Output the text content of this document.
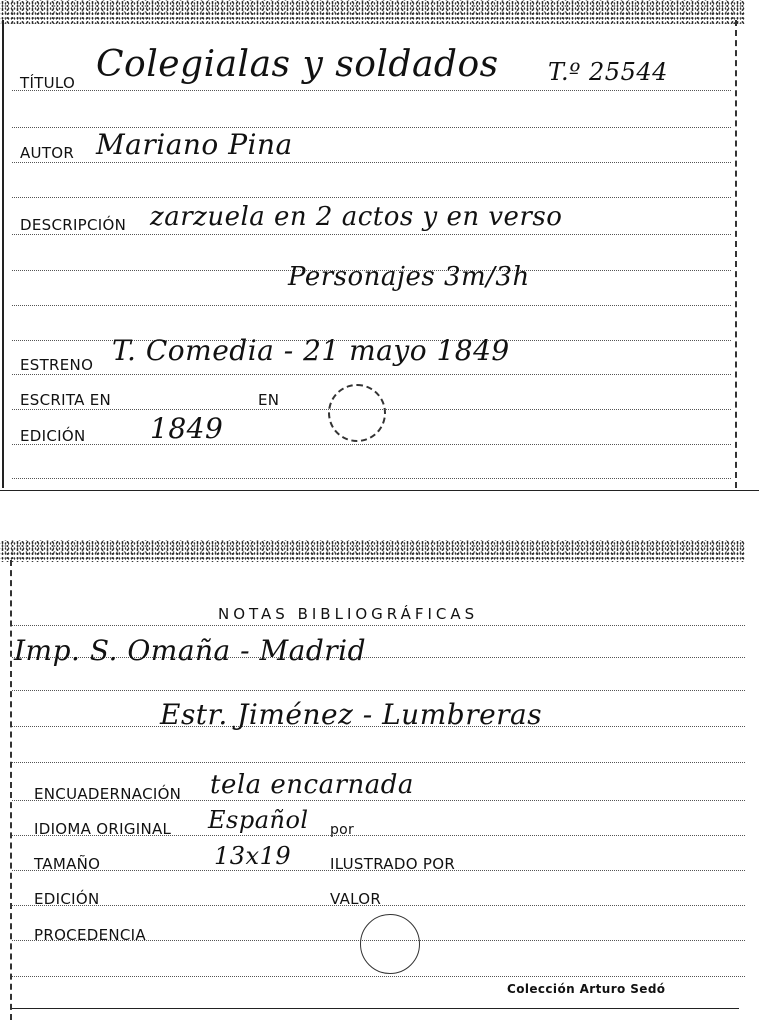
TÍTULO Colegialas y soldados T.º 25544
AUTOR Mariano Pina
DESCRIPCIÓN zarzuela en 2 actos y en verso
Personajes 3m/3h
ESTRENO T. Comedia - 21 mayo 1849
ESCRITA EN	EN
EDICIÓN 1849
NOTAS BIBLIOGRÁFICAS
Imp. S. Omaña - Madrid
Estr. Jiménez - Lumbreras
ENCUADERNACIÓN tela encarnada
IDIOMA ORIGINAL Español por
TAMAÑO	13x19	ILUSTRADO POR
EDICIÓN	VALOR
PROCEDENCIA
Colección Arturo Sedó
